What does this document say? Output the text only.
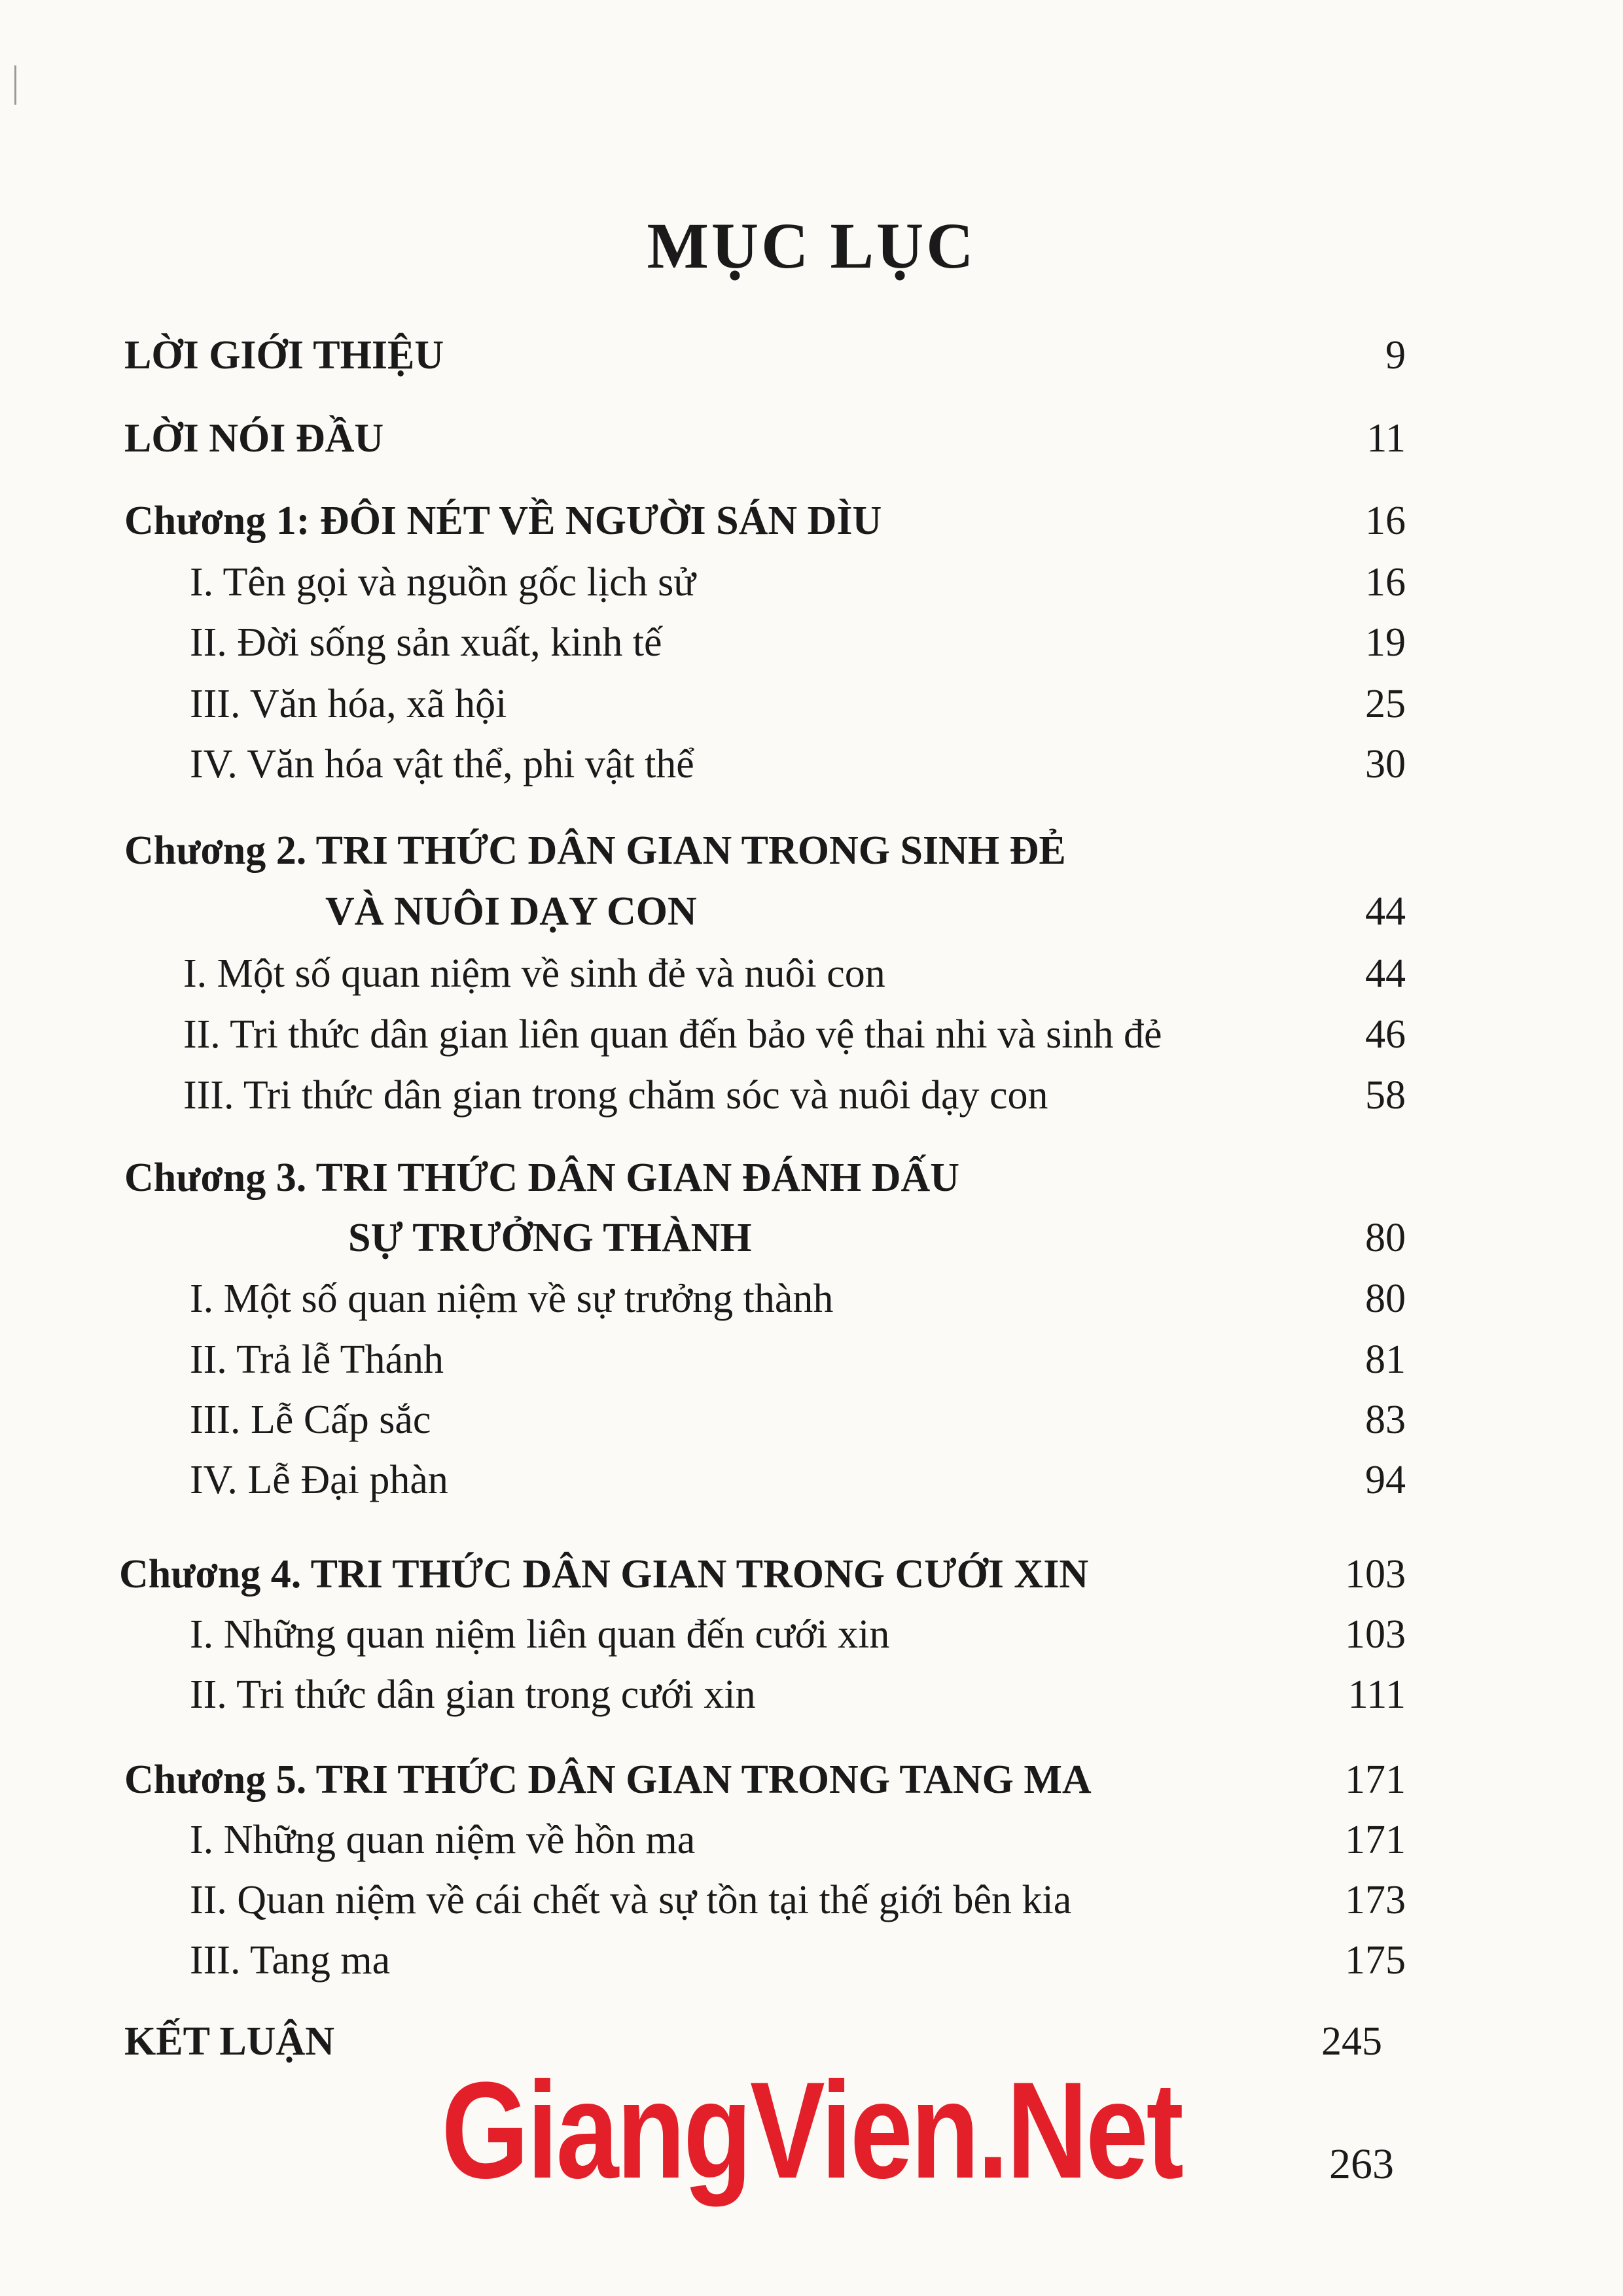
MỤC LỤC
LỜI GIỚI THIỆU	9
LỜI NÓI ĐẦU	11
Chương 1: ĐÔI NÉT VỀ NGƯỜI SÁN DÌU	16
I. Tên gọi và nguồn gốc lịch sử	16
II. Đời sống sản xuất, kinh tế	19
III. Văn hóa, xã hội	25
IV. Văn hóa vật thể, phi vật thể	30
Chương 2. TRI THỨC DÂN GIAN TRONG SINH ĐẺ
VÀ NUÔI DẠY CON	44
I. Một số quan niệm về sinh đẻ và nuôi con	44
II. Tri thức dân gian liên quan đến bảo vệ thai nhi và sinh đẻ	46
III. Tri thức dân gian trong chăm sóc và nuôi dạy con	58
Chương 3. TRI THỨC DÂN GIAN ĐÁNH DẤU
SỰ TRƯỞNG THÀNH	80
I. Một số quan niệm về sự trưởng thành	80
II. Trả lễ Thánh	81
III. Lễ Cấp sắc	83
IV. Lễ Đại phàn	94
Chương 4. TRI THỨC DÂN GIAN TRONG CƯỚI XIN	103
I. Những quan niệm liên quan đến cưới xin	103
II. Tri thức dân gian trong cưới xin	111
Chương 5. TRI THỨC DÂN GIAN TRONG TANG MA	171
I. Những quan niệm về hồn ma	171
II. Quan niệm về cái chết và sự tồn tại thế giới bên kia	173
III. Tang ma	175
KẾT LUẬN	245
GiangVien.Net	263
